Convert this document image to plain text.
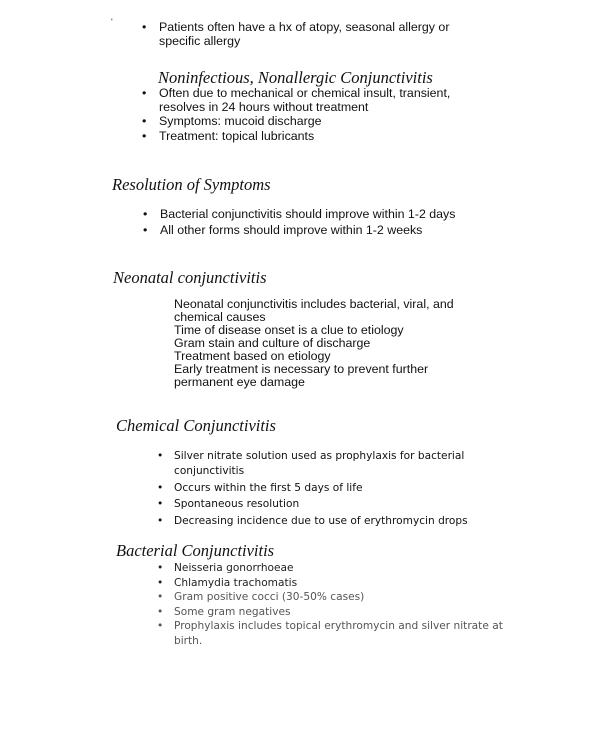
' • Patients often have a hx of atopy, seasonal allergy or
specific allergy
Noninfectious, Nonallergic Conjunctivitis
• Often due to mechanical or chemical insult, transient,
resolves in 24 hours without treatment
• Symptoms: mucoid discharge
• Treatment: topical lubricants
Resolution of Symptoms
• Bacterial conjunctivitis should improve within 1-2 days
• All other forms should improve within 1-2 weeks
Neonatal conjunctivitis
Neonatal conjunctivitis includes bacterial, viral, and
chemical causes
Time of disease onset is a clue to etiology
Gram stain and culture of discharge
Treatment based on etiology
Early treatment is necessary to prevent further
permanent eye damage
Chemical Conjunctivitis
• Silver nitrate solution used as prophylaxis for bacterial
conjunctivitis
• Occurs within the first 5 days of life
• Spontaneous resolution
• Decreasing incidence due to use of erythromycin drops
Bacterial Conjunctivitis
• Neisseria gonorrhoeae
• Chlamydia trachomatis
• Gram positive cocci (30-50% cases)
• Some gram negatives
• Prophylaxis includes topical erythromycin and silver nitrate at
birth.
